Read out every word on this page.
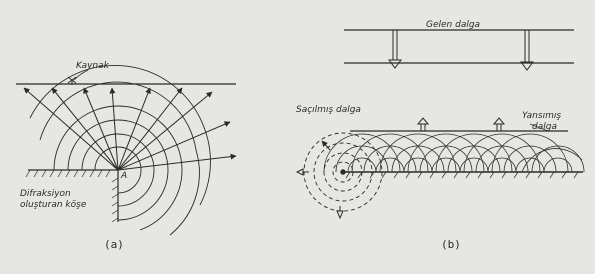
Kaynak
A
Difraksiyon
oluşturan köşe
(a)
Gelen dalga
Saçılmış dalga
Yansımış
dalga
(b)
